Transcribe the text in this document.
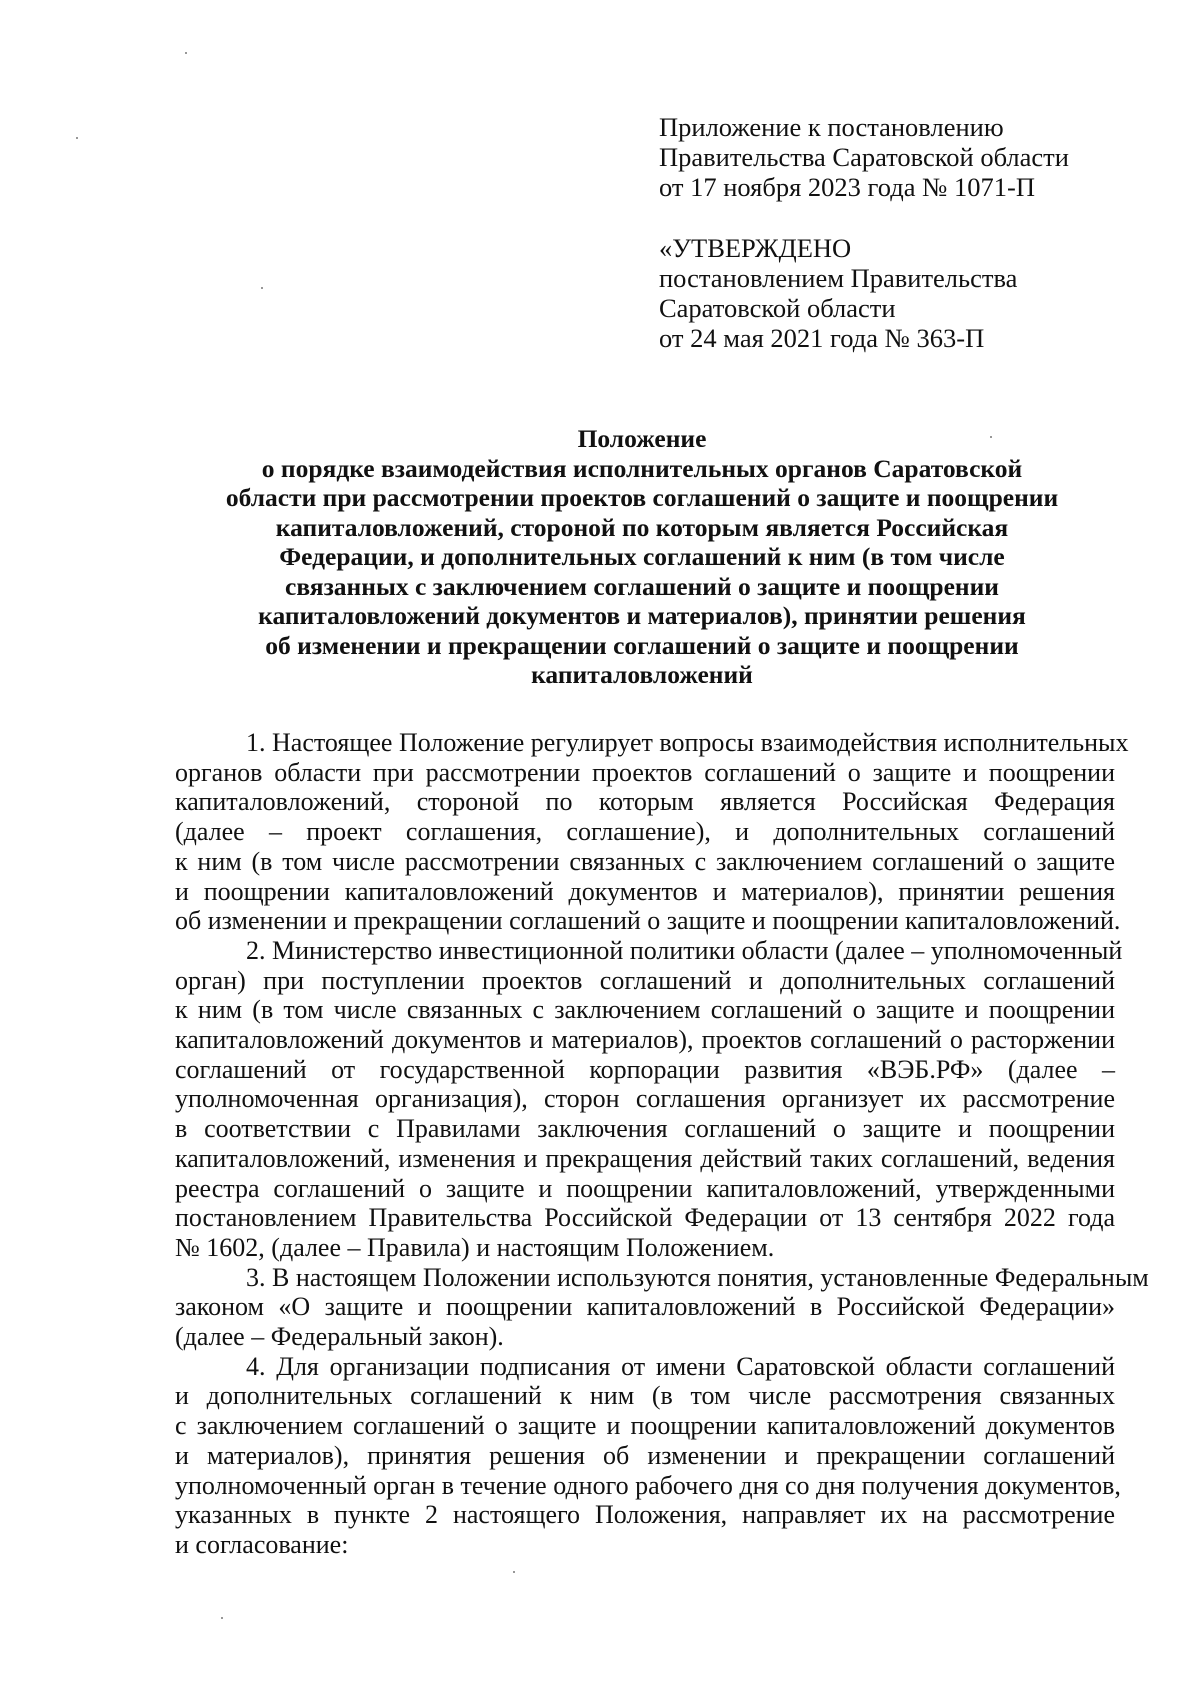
Приложение к постановлению
Правительства Саратовской области
от 17 ноября 2023 года № 1071-П
«УТВЕРЖДЕНО
постановлением Правительства
Саратовской области
от 24 мая 2021 года № 363-П
Положение
о порядке взаимодействия исполнительных органов Саратовской
области при рассмотрении проектов соглашений о защите и поощрении
капиталовложений, стороной по которым является Российская
Федерации, и дополнительных соглашений к ним (в том числе
связанных с заключением соглашений о защите и поощрении
капиталовложений документов и материалов), принятии решения
об изменении и прекращении соглашений о защите и поощрении
капиталовложений
1. Настоящее Положение регулирует вопросы взаимодействия исполнительных
органов области при рассмотрении проектов соглашений о защите и поощрении
капиталовложений, стороной по которым является Российская Федерация
(далее – проект соглашения, соглашение), и дополнительных соглашений
к ним (в том числе рассмотрении связанных с заключением соглашений о защите
и поощрении капиталовложений документов и материалов), принятии решения
об изменении и прекращении соглашений о защите и поощрении капиталовложений.
2. Министерство инвестиционной политики области (далее – уполномоченный
орган) при поступлении проектов соглашений и дополнительных соглашений
к ним (в том числе связанных с заключением соглашений о защите и поощрении
капиталовложений документов и материалов), проектов соглашений о расторжении
соглашений от государственной корпорации развития «ВЭБ.РФ» (далее –
уполномоченная организация), сторон соглашения организует их рассмотрение
в соответствии с Правилами заключения соглашений о защите и поощрении
капиталовложений, изменения и прекращения действий таких соглашений, ведения
реестра соглашений о защите и поощрении капиталовложений, утвержденными
постановлением Правительства Российской Федерации от 13 сентября 2022 года
№ 1602, (далее – Правила) и настоящим Положением.
3. В настоящем Положении используются понятия, установленные Федеральным
законом «О защите и поощрении капиталовложений в Российской Федерации»
(далее – Федеральный закон).
4. Для организации подписания от имени Саратовской области соглашений
и дополнительных соглашений к ним (в том числе рассмотрения связанных
с заключением соглашений о защите и поощрении капиталовложений документов
и материалов), принятия решения об изменении и прекращении соглашений
уполномоченный орган в течение одного рабочего дня со дня получения документов,
указанных в пункте 2 настоящего Положения, направляет их на рассмотрение
и согласование:
